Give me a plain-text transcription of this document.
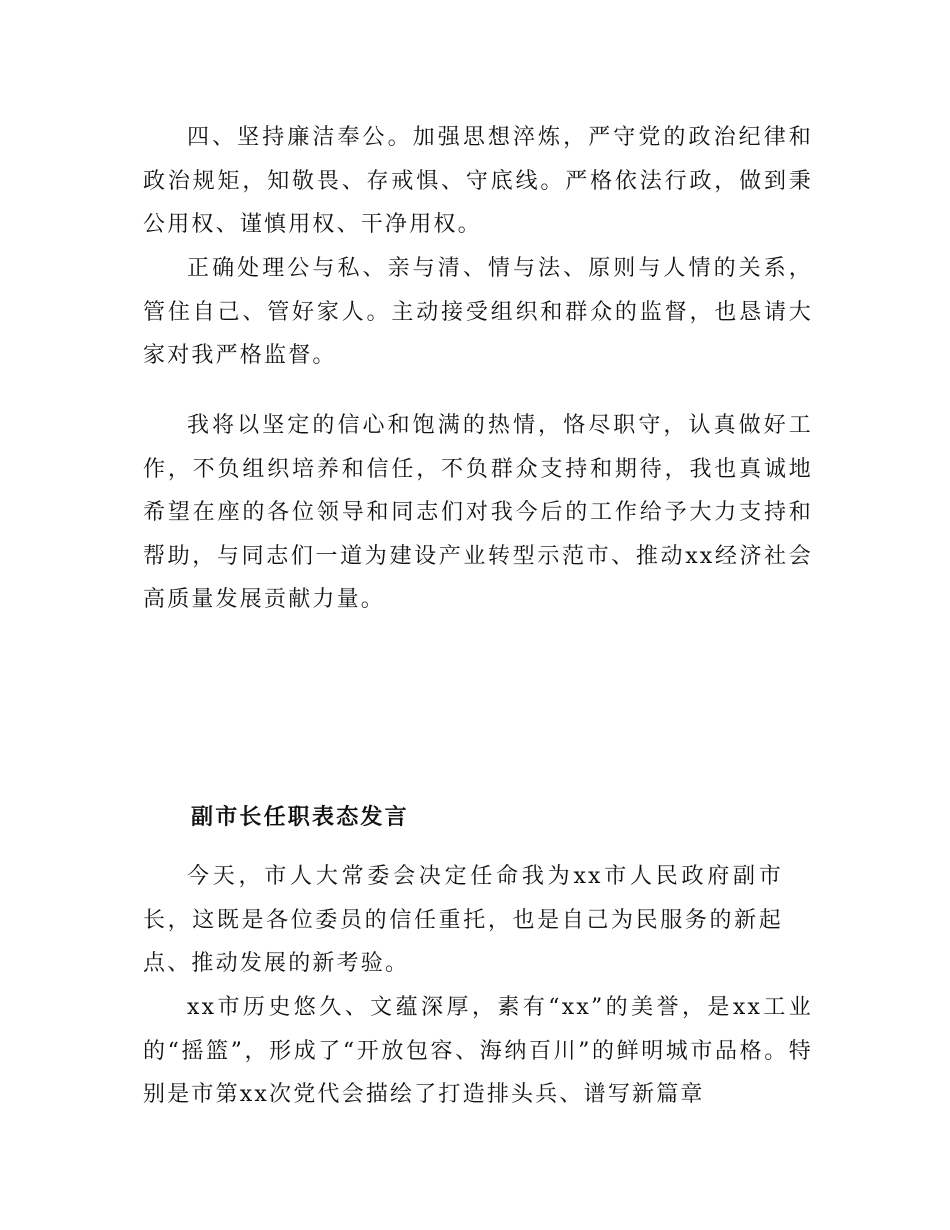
四、坚持廉洁奉公。加强思想淬炼，严守党的政治纪律和政治规矩，知敬畏、存戒惧、守底线。严格依法行政，做到秉公用权、谨慎用权、干净用权。

正确处理公与私、亲与清、情与法、原则与人情的关系，管住自己、管好家人。主动接受组织和群众的监督，也恳请大家对我严格监督。

我将以坚定的信心和饱满的热情，恪尽职守，认真做好工作，不负组织培养和信任，不负群众支持和期待，我也真诚地希望在座的各位领导和同志们对我今后的工作给予大力支持和帮助，与同志们一道为建设产业转型示范市、推动xx经济社会高质量发展贡献力量。

副市长任职表态发言

今天，市人大常委会决定任命我为xx市人民政府副市长，这既是各位委员的信任重托，也是自己为民服务的新起点、推动发展的新考验。

xx市历史悠久、文蕴深厚，素有“xx”的美誉，是xx工业的“摇篮”，形成了“开放包容、海纳百川”的鲜明城市品格。特别是市第xx次党代会描绘了打造排头兵、谱写新篇章
